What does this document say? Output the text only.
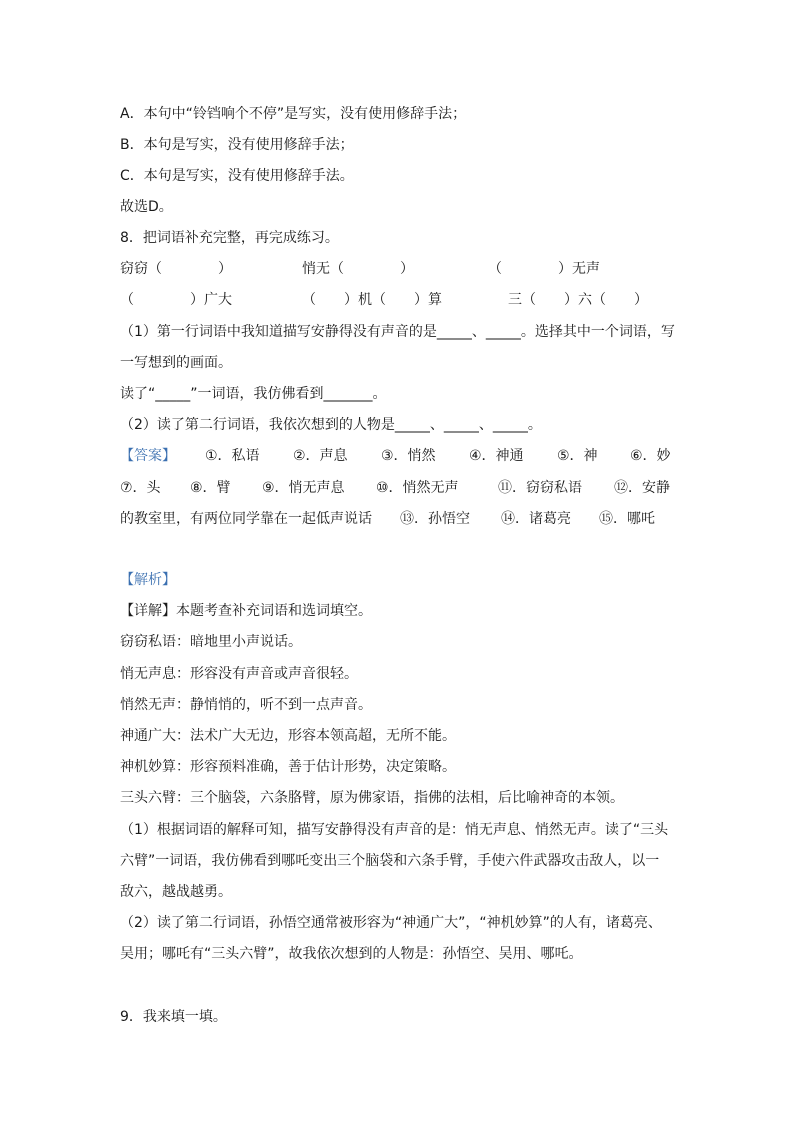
A．本句中“铃铛响个不停”是写实，没有使用修辞手法；
B．本句是写实，没有使用修辞手法；
C．本句是写实，没有使用修辞手法。
故选D。
8．把词语补充完整，再完成练习。
窃窃（　　　　）	悄无（　　　　）	（　　　　）无声
（　　　　）广大	（　　）机（　　）算	三（　　）六（　　）
（1）第一行词语中我知道描写安静得没有声音的是_____、_____。选择其中一个词语，写
一写想到的画面。
读了“_____”一词语，我仿佛看到_______。
（2）读了第二行词语，我依次想到的人物是_____、_____、_____。
【答案】 ①．私语 ②．声息 ③．悄然 ④．神通 ⑤．神 ⑥．妙
⑦．头 ⑧．臂 ⑨．悄无声息 ⑩．悄然无声	⑪．窃窃私语 ⑫．安静
的教室里，有两位同学靠在一起低声说话 ⑬．孙悟空 ⑭．诸葛亮 ⑮．哪吒
【解析】
【详解】本题考查补充词语和选词填空。
窃窃私语：暗地里小声说话。
悄无声息：形容没有声音或声音很轻。
悄然无声：静悄悄的，听不到一点声音。
神通广大：法术广大无边，形容本领高超，无所不能。
神机妙算：形容预料准确，善于估计形势，决定策略。
三头六臂：三个脑袋，六条胳臂，原为佛家语，指佛的法相，后比喻神奇的本领。
（1）根据词语的解释可知，描写安静得没有声音的是：悄无声息、悄然无声。读了“三头
六臂”一词语，我仿佛看到哪吒变出三个脑袋和六条手臂，手使六件武器攻击敌人，以一
敌六，越战越勇。
（2）读了第二行词语，孙悟空通常被形容为“神通广大”，“神机妙算”的人有，诸葛亮、
吴用；哪吒有“三头六臂”，故我依次想到的人物是：孙悟空、吴用、哪吒。
9．我来填一填。
